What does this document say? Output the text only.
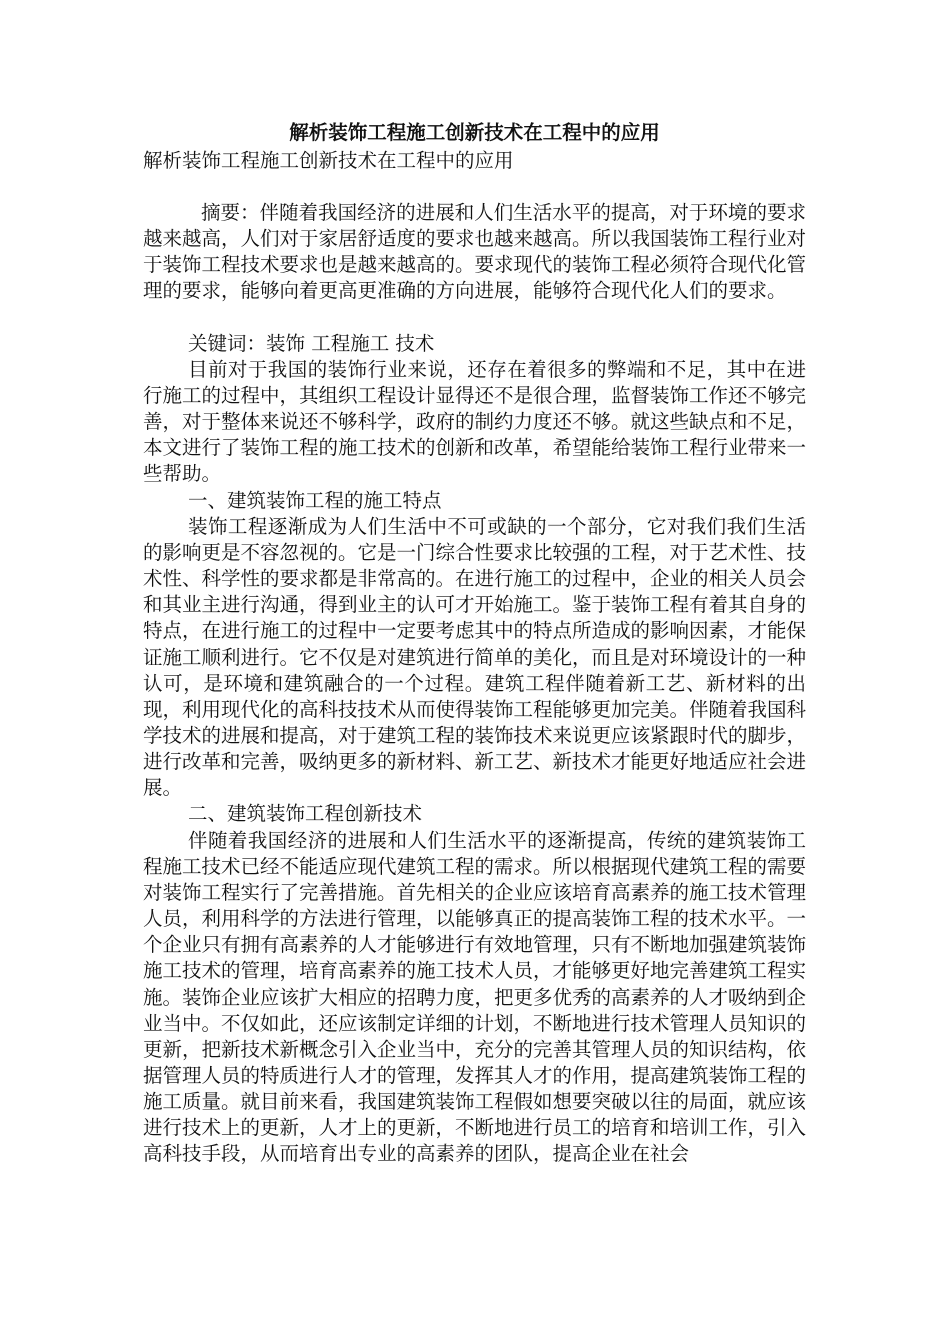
解析装饰工程施工创新技术在工程中的应用

解析装饰工程施工创新技术在工程中的应用

摘要：伴随着我国经济的进展和人们生活水平的提高，对于环境的要求越来越高，人们对于家居舒适度的要求也越来越高。所以我国装饰工程行业对于装饰工程技术要求也是越来越高的。要求现代的装饰工程必须符合现代化管理的要求，能够向着更高更准确的方向进展，能够符合现代化人们的要求。

关键词：装饰 工程施工 技术

目前对于我国的装饰行业来说，还存在着很多的弊端和不足，其中在进行施工的过程中，其组织工程设计显得还不是很合理，监督装饰工作还不够完善，对于整体来说还不够科学，政府的制约力度还不够。就这些缺点和不足，本文进行了装饰工程的施工技术的创新和改革，希望能给装饰工程行业带来一些帮助。

一、建筑装饰工程的施工特点

装饰工程逐渐成为人们生活中不可或缺的一个部分，它对我们我们生活的影响更是不容忽视的。它是一门综合性要求比较强的工程，对于艺术性、技术性、科学性的要求都是非常高的。在进行施工的过程中，企业的相关人员会和其业主进行沟通，得到业主的认可才开始施工。鉴于装饰工程有着其自身的特点，在进行施工的过程中一定要考虑其中的特点所造成的影响因素，才能保证施工顺利进行。它不仅是对建筑进行简单的美化，而且是对环境设计的一种认可，是环境和建筑融合的一个过程。建筑工程伴随着新工艺、新材料的出现，利用现代化的高科技技术从而使得装饰工程能够更加完美。伴随着我国科学技术的进展和提高，对于建筑工程的装饰技术来说更应该紧跟时代的脚步，进行改革和完善，吸纳更多的新材料、新工艺、新技术才能更好地适应社会进展。

二、建筑装饰工程创新技术

伴随着我国经济的进展和人们生活水平的逐渐提高，传统的建筑装饰工程施工技术已经不能适应现代建筑工程的需求。所以根据现代建筑工程的需要对装饰工程实行了完善措施。首先相关的企业应该培育高素养的施工技术管理人员，利用科学的方法进行管理，以能够真正的提高装饰工程的技术水平。一个企业只有拥有高素养的人才能够进行有效地管理，只有不断地加强建筑装饰施工技术的管理，培育高素养的施工技术人员，才能够更好地完善建筑工程实施。装饰企业应该扩大相应的招聘力度，把更多优秀的高素养的人才吸纳到企业当中。不仅如此，还应该制定详细的计划，不断地进行技术管理人员知识的更新，把新技术新概念引入企业当中，充分的完善其管理人员的知识结构，依据管理人员的特质进行人才的管理，发挥其人才的作用，提高建筑装饰工程的施工质量。就目前来看，我国建筑装饰工程假如想要突破以往的局面，就应该进行技术上的更新，人才上的更新，不断地进行员工的培育和培训工作，引入高科技手段，从而培育出专业的高素养的团队，提高企业在社会
